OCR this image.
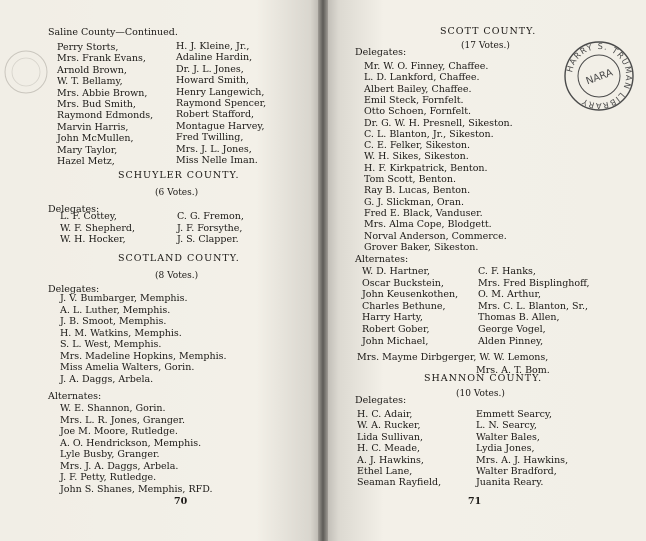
Saline County—Continued.
Perry Storts,
Mrs. Frank Evans,
Arnold Brown,
W. T. Bellamy,
Mrs. Abbie Brown,
Mrs. Bud Smith,
Raymond Edmonds,
Marvin Harris,
John McMullen,
Mary Taylor,
Hazel Metz,
H. J. Kleine, Jr.,
Adaline Hardin,
Dr. J. L. Jones,
Howard Smith,
Henry Langewich,
Raymond Spencer,
Robert Stafford,
Montague Harvey,
Fred Twilling,
Mrs. J. L. Jones,
Miss Nelle Iman.
SCHUYLER COUNTY.
(6 Votes.)
Delegates:
L. F. Cottey,
W. F. Shepherd,
W. H. Hocker,
C. G. Fremon,
J. F. Forsythe,
J. S. Clapper.
SCOTLAND COUNTY.
(8 Votes.)
Delegates:
J. V. Bumbarger, Memphis.
A. L. Luther, Memphis.
J. B. Smoot, Memphis.
H. M. Watkins, Memphis.
S. L. West, Memphis.
Mrs. Madeline Hopkins, Memphis.
Miss Amelia Walters, Gorin.
J. A. Daggs, Arbela.
Alternates:
W. E. Shannon, Gorin.
Mrs. L. R. Jones, Granger.
Joe M. Moore, Rutledge.
A. O. Hendrickson, Memphis.
Lyle Busby, Granger.
Mrs. J. A. Daggs, Arbela.
J. F. Petty, Rutledge.
John S. Shanes, Memphis, RFD.
70
SCOTT COUNTY.
(17 Votes.)
Delegates:
Mr. W. O. Finney, Chaffee.
L. D. Lankford, Chaffee.
Albert Bailey, Chaffee.
Emil Steck, Fornfelt.
Otto Schoen, Fornfelt.
Dr. G. W. H. Presnell, Sikeston.
C. L. Blanton, Jr., Sikeston.
C. E. Felker, Sikeston.
W. H. Sikes, Sikeston.
H. F. Kirkpatrick, Benton.
Tom Scott, Benton.
Ray B. Lucas, Benton.
G. J. Slickman, Oran.
Fred E. Black, Vanduser.
Mrs. Alma Cope, Blodgett.
Norval Anderson, Commerce.
Grover Baker, Sikeston.
Alternates:
W. D. Hartner,
Oscar Buckstein,
John Keusenkothen,
Charles Bethune,
Harry Harty,
Robert Gober,
John Michael,
C. F. Hanks,
Mrs. Fred Bisplinghoff,
O. M. Arthur,
Mrs. C. L. Blanton, Sr.,
Thomas B. Allen,
George Vogel,
Alden Pinney,
Mrs. Mayme Dirbgerger, W. W. Lemons,
Mrs. A. T. Bom.
SHANNON COUNTY.
(10 Votes.)
Delegates:
H. C. Adair,
W. A. Rucker,
Lida Sullivan,
H. C. Meade,
A. J. Hawkins,
Ethel Lane,
Seaman Rayfield,
Emmett Searcy,
L. N. Searcy,
Walter Bales,
Lydia Jones,
Mrs. A. J. Hawkins,
Walter Bradford,
Juanita Reary.
71
HARRY S. TRUMAN LIBRARY
NARA
